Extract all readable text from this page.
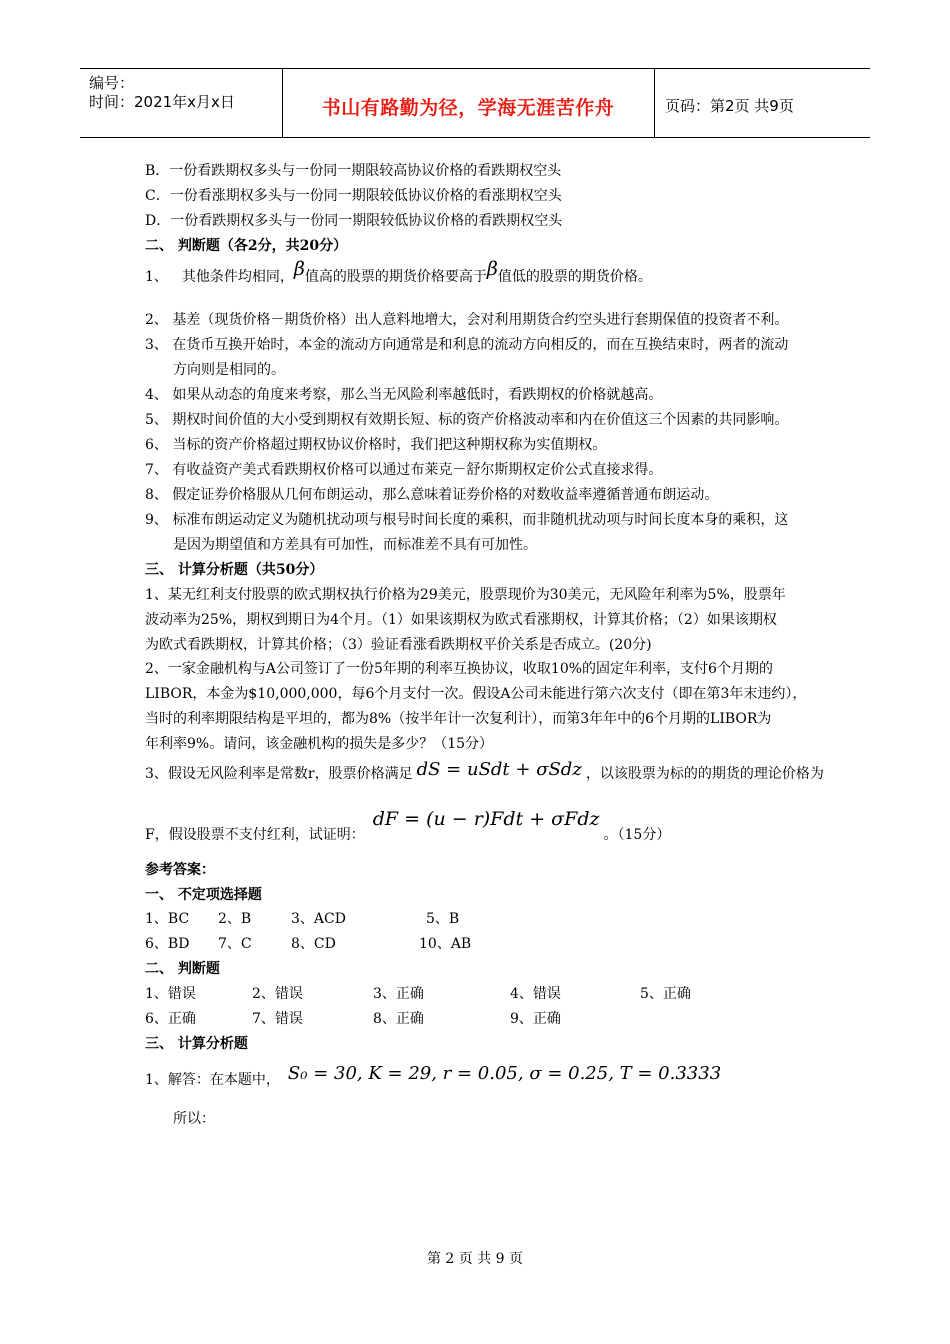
编号：
时间：2021年x月x日	书山有路勤为径，学海无涯苦作舟	页码：第2页 共9页
B．一份看跌期权多头与一份同一期限较高协议价格的看跌期权空头
C．一份看涨期权多头与一份同一期限较低协议价格的看涨期权空头
D．一份看跌期权多头与一份同一期限较低协议价格的看跌期权空头
二、 判断题（各2分，共20分）
1、 其他条件均相同，β值高的股票的期货价格要高于β值低的股票的期货价格。
2、 基差（现货价格－期货价格）出人意料地增大，会对利用期货合约空头进行套期保值的投资者不利。
3、 在货币互换开始时，本金的流动方向通常是和利息的流动方向相反的，而在互换结束时，两者的流动
方向则是相同的。
4、 如果从动态的角度来考察，那么当无风险利率越低时，看跌期权的价格就越高。
5、 期权时间价值的大小受到期权有效期长短、标的资产价格波动率和内在价值这三个因素的共同影响。
6、 当标的资产价格超过期权协议价格时，我们把这种期权称为实值期权。
7、 有收益资产美式看跌期权价格可以通过布莱克－舒尔斯期权定价公式直接求得。
8、 假定证券价格服从几何布朗运动，那么意味着证券价格的对数收益率遵循普通布朗运动。
9、 标准布朗运动定义为随机扰动项与根号时间长度的乘积，而非随机扰动项与时间长度本身的乘积，这
是因为期望值和方差具有可加性，而标准差不具有可加性。
三、 计算分析题（共50分）
1、某无红利支付股票的欧式期权执行价格为29美元，股票现价为30美元，无风险年利率为5%，股票年
波动率为25%，期权到期日为4个月。（1）如果该期权为欧式看涨期权，计算其价格；（2）如果该期权
为欧式看跌期权，计算其价格；（3）验证看涨看跌期权平价关系是否成立。(20分)
2、一家金融机构与A公司签订了一份5年期的利率互换协议，收取10%的固定年利率，支付6个月期的
LIBOR，本金为$10,000,000，每6个月支付一次。假设A公司未能进行第六次支付（即在第3年末违约），
当时的利率期限结构是平坦的，都为8%（按半年计一次复利计），而第3年年中的6个月期的LIBOR为
年利率9%。请问，该金融机构的损失是多少？（15分）
3、假设无风险利率是常数r，股票价格满足 dS = uSdt + σSdz ，以该股票为标的的期货的理论价格为
F，假设股票不支付红利，试证明：dF = (u − r)Fdt + σFdz。（15分）
参考答案：
一、 不定项选择题
1、BC 2、B	3、ACD	5、B
6、BD 7、C	8、CD	10、AB
二、 判断题
1、错误	2、错误	3、正确	4、错误	5、正确
6、正确	7、错误	8、正确	9、正确
三、 计算分析题
1、解答：在本题中， S₀ = 30, K = 29, r = 0.05, σ = 0.25, T = 0.3333
所以：
第 2 页 共 9 页
